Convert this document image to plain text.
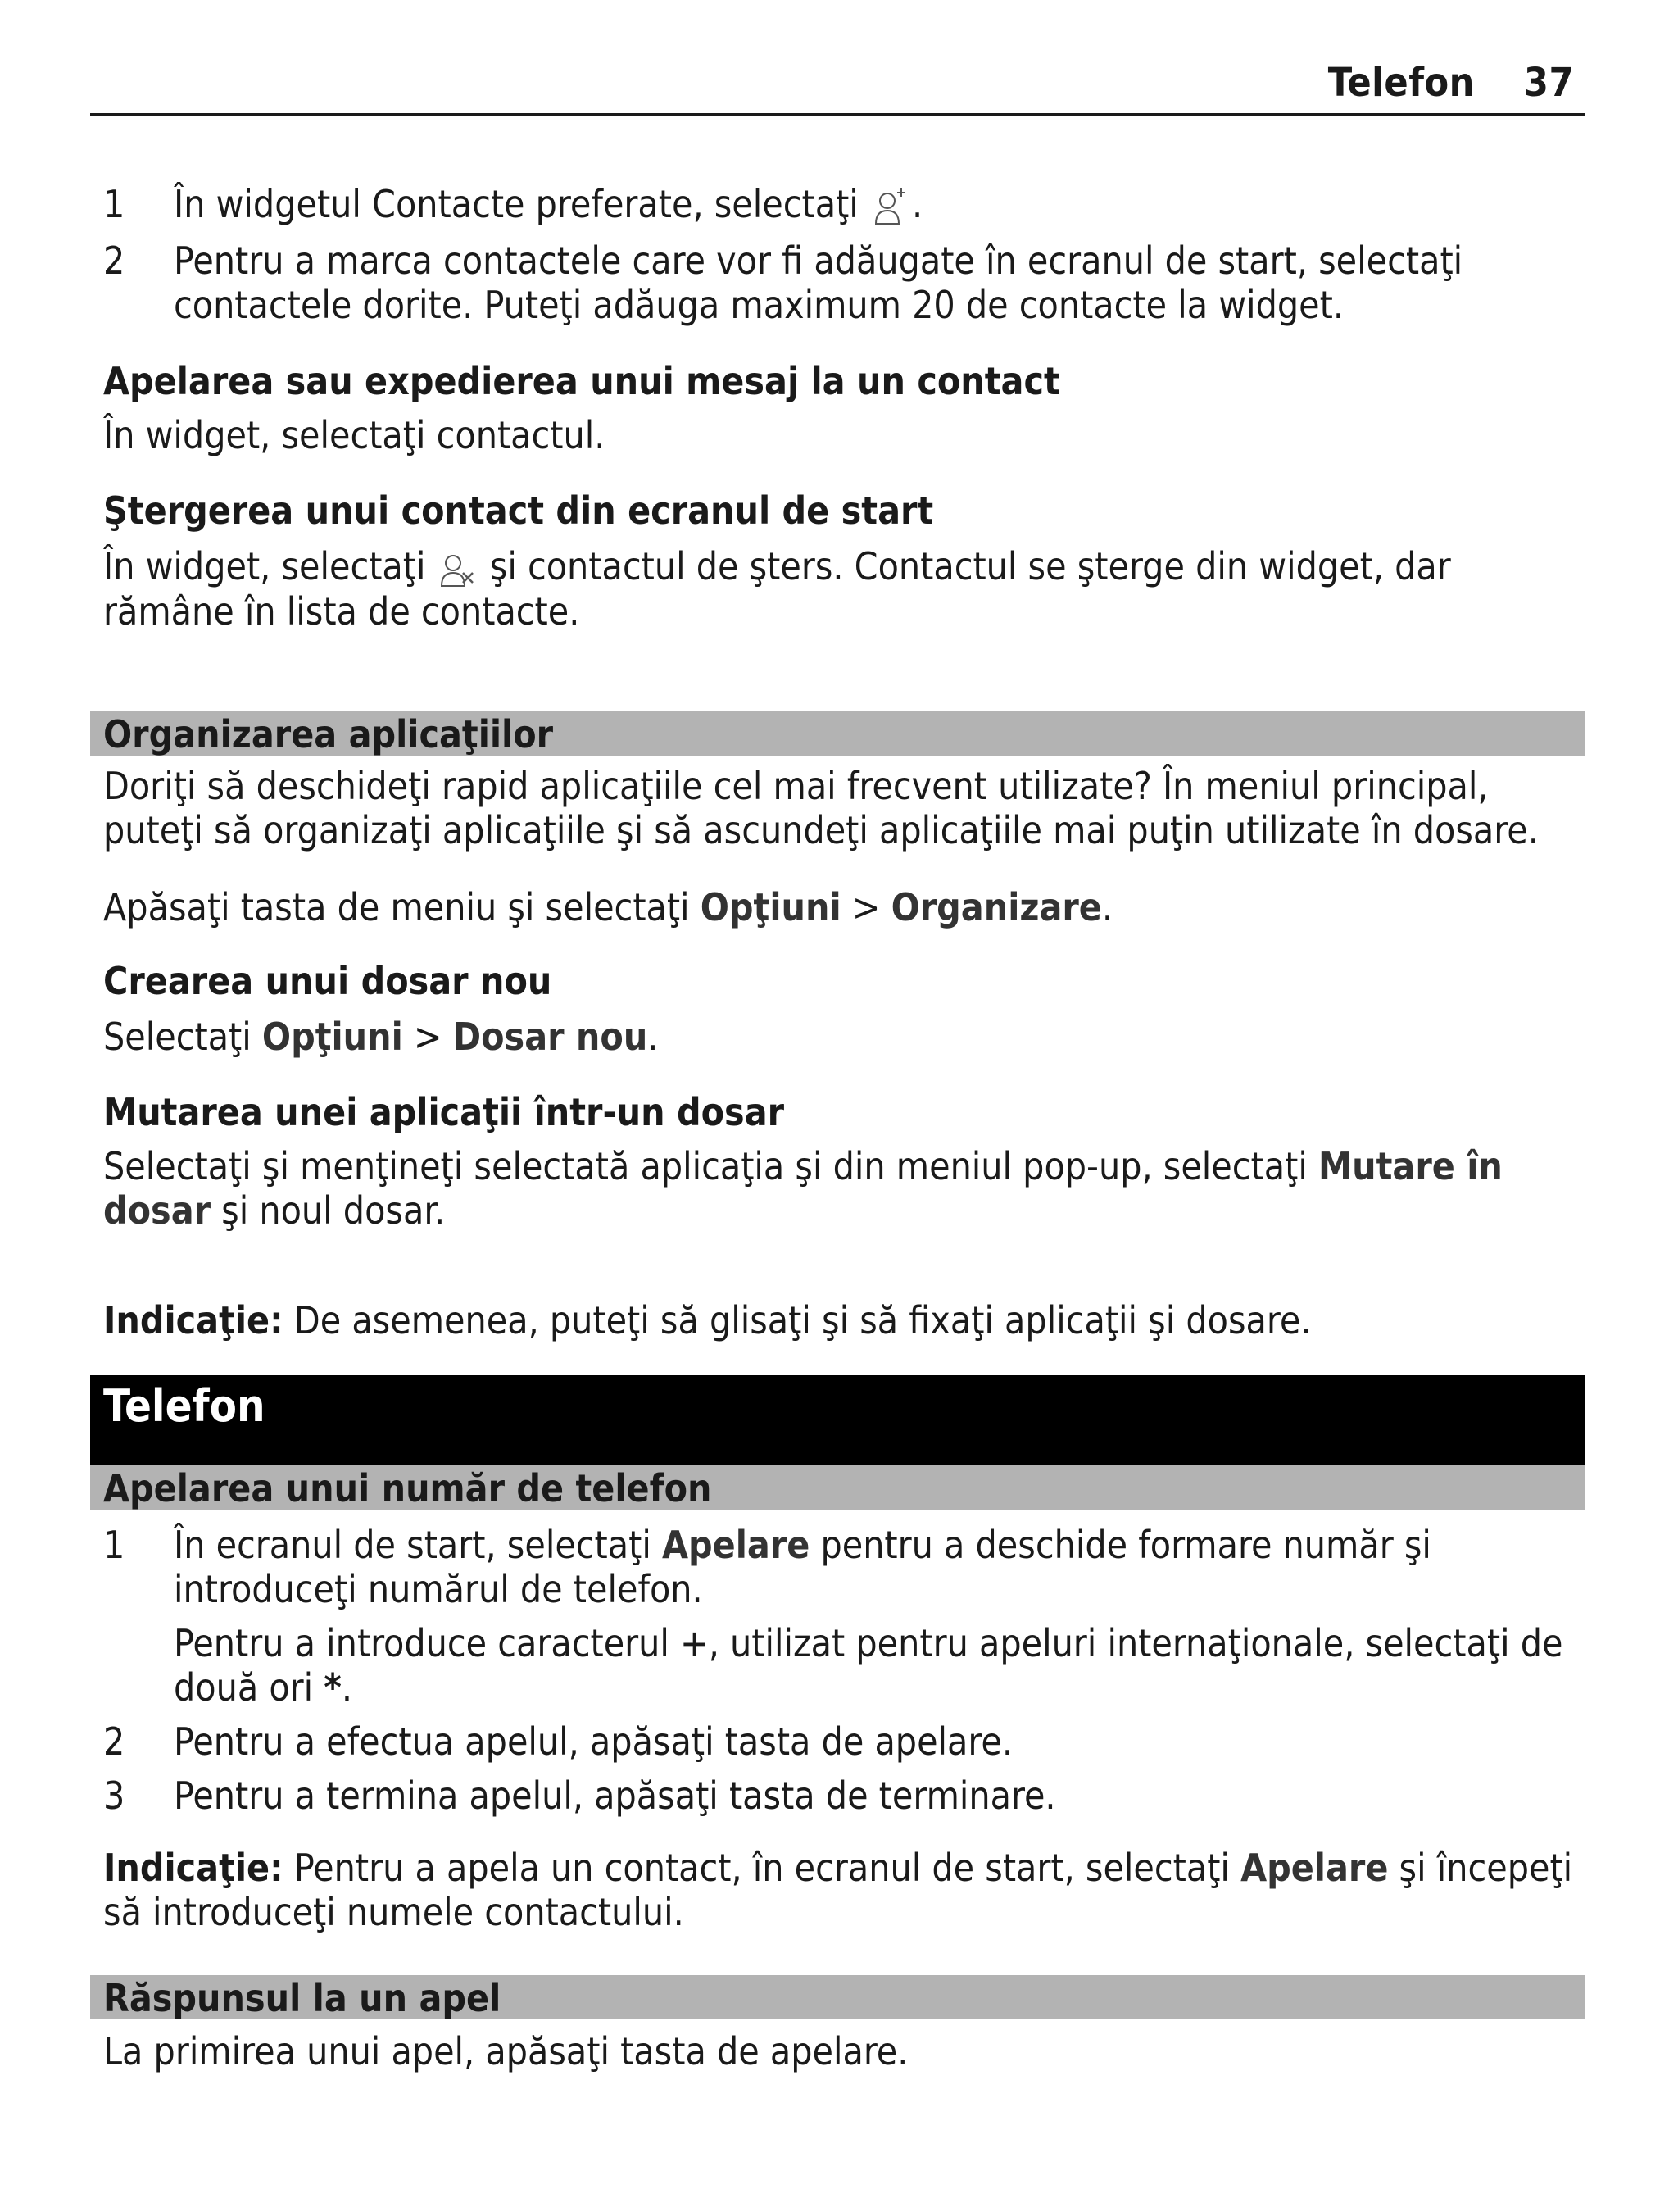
Telefon 37
1	În widgetul Contacte preferate, selectaţi .
2	Pentru a marca contactele care vor fi adăugate în ecranul de start, selectaţi contactele dorite. Puteţi adăuga maximum 20 de contacte la widget.
Apelarea sau expedierea unui mesaj la un contact
În widget, selectaţi contactul.
Ştergerea unui contact din ecranul de start
În widget, selectaţi  şi contactul de şters. Contactul se şterge din widget, dar rămâne în lista de contacte.
Organizarea aplicaţiilor
Doriţi să deschideţi rapid aplicaţiile cel mai frecvent utilizate? În meniul principal, puteţi să organizaţi aplicaţiile şi să ascundeţi aplicaţiile mai puţin utilizate în dosare.
Apăsaţi tasta de meniu şi selectaţi Opţiuni > Organizare.
Crearea unui dosar nou
Selectaţi Opţiuni > Dosar nou.
Mutarea unei aplicaţii într-un dosar
Selectaţi şi menţineţi selectată aplicaţia şi din meniul pop-up, selectaţi Mutare în dosar şi noul dosar.
Indicaţie: De asemenea, puteţi să glisaţi şi să fixaţi aplicaţii şi dosare.
Telefon
Apelarea unui număr de telefon
1	În ecranul de start, selectaţi Apelare pentru a deschide formare număr şi introduceţi numărul de telefon.
Pentru a introduce caracterul +, utilizat pentru apeluri internaţionale, selectaţi de două ori *.
2	Pentru a efectua apelul, apăsaţi tasta de apelare.
3	Pentru a termina apelul, apăsaţi tasta de terminare.
Indicaţie: Pentru a apela un contact, în ecranul de start, selectaţi Apelare şi începeţi să introduceţi numele contactului.
Răspunsul la un apel
La primirea unui apel, apăsaţi tasta de apelare.
